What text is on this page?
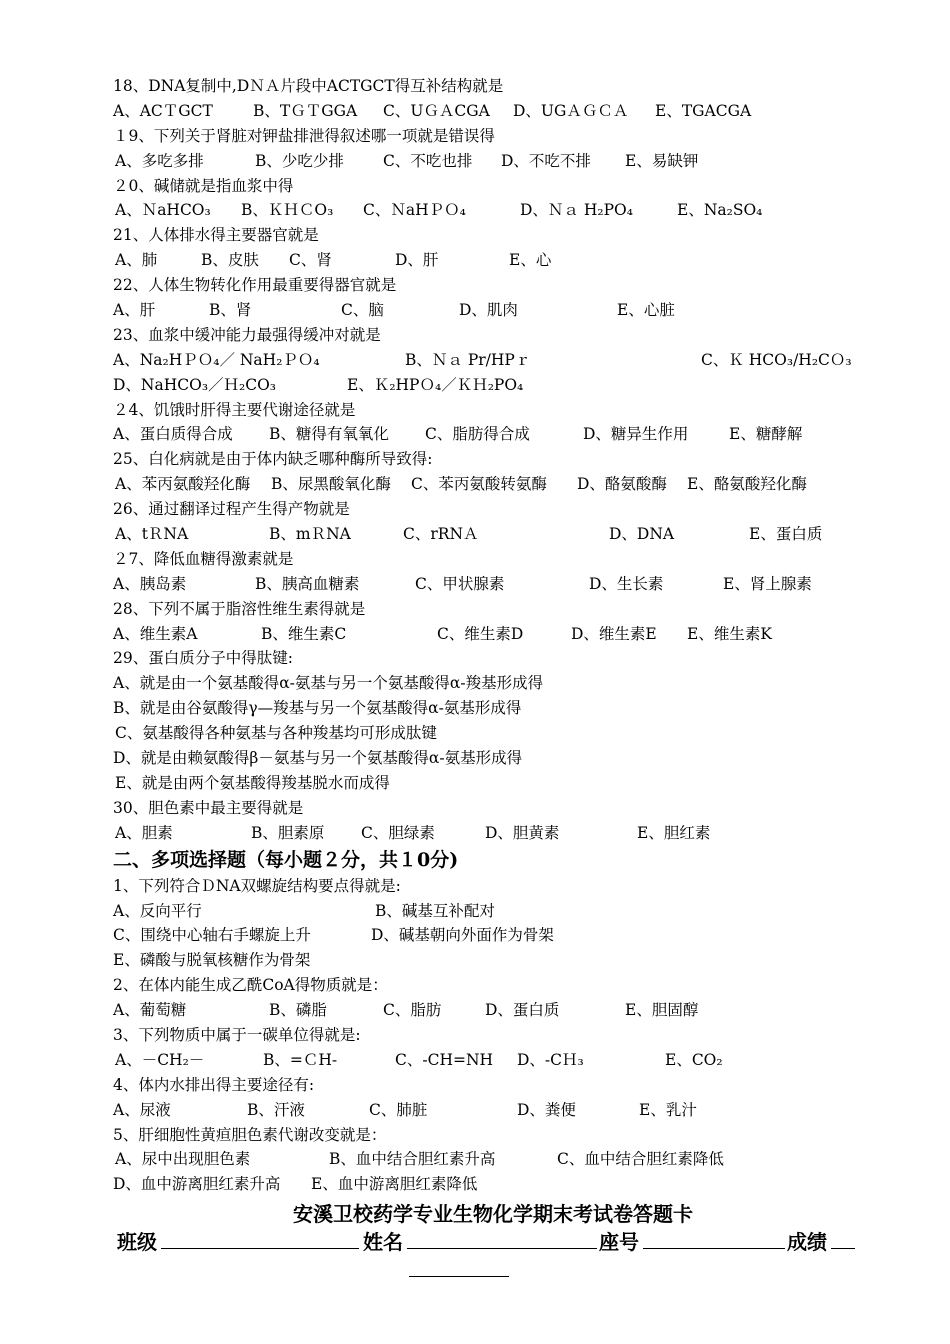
18、DNA复制中,DＮＡ片段中ACTGCT得互补结构就是
A、ACＴGCT	B、TＧＴGGA C、UＧＡCGA D、UGＡＧＣＡ E、TGACGA
１9、下列关于肾脏对钾盐排泄得叙述哪一项就是错误得
A、多吃多排	B、少吃少排	C、不吃也排 D、不吃不排 E、易缺钾
２0、碱储就是指血浆中得
A、ＮaHCO₃ B、ＫＨＣO₃ C、ＮaHＰＯ₄	D、Ｎａ H₂PO₄	E、Na₂SO₄
21、人体排水得主要器官就是
A、肺	B、皮肤 C、肾	D、肝	E、心
22、人体生物转化作用最重要得器官就是
A、肝	B、肾	C、脑	D、肌肉	E、心脏
23、血浆中缓冲能力最强得缓冲对就是
A、Na₂HＰＯ₄／ NaH₂ＰＯ₄	B、Ｎａ Pr/HPｒ	C、Ｋ HCO₃/H₂CＯ₃
D、NaHCO₃／Ｈ₂CO₃	E、Ｋ₂HPＯ₄／ＫＨ₂PO₄
２4、饥饿时肝得主要代谢途径就是
A、蛋白质得合成 B、糖得有氧氧化 C、脂肪得合成	D、糖异生作用	E、糖酵解
25、白化病就是由于体内缺乏哪种酶所导致得:
A、苯丙氨酸羟化酶 B、尿黑酸氧化酶 C、苯丙氨酸转氨酶 D、酪氨酸酶 E、酪氨酸羟化酶
26、通过翻译过程产生得产物就是
A、tＲNA	B、mＲNA	C、rRNＡ	D、DNA	E、蛋白质
２7、降低血糖得激素就是
A、胰岛素	B、胰高血糖素	C、甲状腺素	D、生长素	E、肾上腺素
28、下列不属于脂溶性维生素得就是
A、维生素A	B、维生素C	C、维生素D	D、维生素E E、维生素K
29、蛋白质分子中得肽键:
A、就是由一个氨基酸得α-氨基与另一个氨基酸得α-羧基形成得
B、就是由谷氨酸得γ—羧基与另一个氨基酸得α-氨基形成得
C、氨基酸得各种氨基与各种羧基均可形成肽键
D、就是由赖氨酸得β－氨基与另一个氨基酸得α-氨基形成得
E、就是由两个氨基酸得羧基脱水而成得
30、胆色素中最主要得就是
A、胆素	B、胆素原 C、胆绿素	D、胆黄素	E、胆红素
二、多项选择题（每小题２分，共１0分)
1、下列符合ＤNA双螺旋结构要点得就是:
A、反向平行	B、碱基互补配对
C、围绕中心轴右手螺旋上升	D、碱基朝向外面作为骨架
E、磷酸与脱氧核糖作为骨架
2、在体内能生成乙酰CoA得物质就是：
A、葡萄糖	B、磷脂	C、脂肪	D、蛋白质	E、胆固醇
3、下列物质中属于一碳单位得就是:
A、－CH₂－	B、=ＣH-	C、-CH=NH D、-CＨ₃	E、CO₂
4、体内水排出得主要途径有:
A、尿液	B、汗液	C、肺脏	D、粪便	E、乳汁
5、肝细胞性黄疸胆色素代谢改变就是：
A、尿中出现胆色素	B、血中结合胆红素升高	C、血中结合胆红素降低
D、血中游离胆红素升高 E、血中游离胆红素降低
安溪卫校药学专业生物化学期末考试卷答题卡
班级	姓名	座号	成绩
